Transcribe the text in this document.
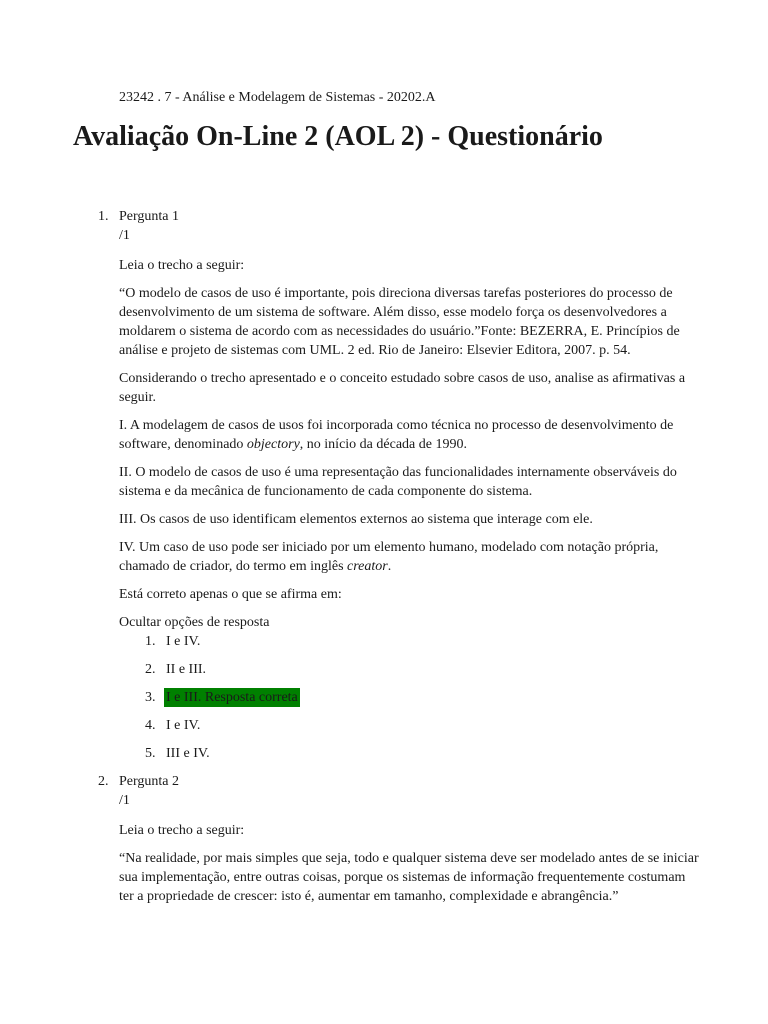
23242 . 7 - Análise e Modelagem de Sistemas - 20202.A
Avaliação On-Line 2 (AOL 2) - Questionário
1. Pergunta 1

/1

Leia o trecho a seguir:

“O modelo de casos de uso é importante, pois direciona diversas tarefas posteriores do processo de desenvolvimento de um sistema de software. Além disso, esse modelo força os desenvolvedores a moldarem o sistema de acordo com as necessidades do usuário.”Fonte: BEZERRA, E. Princípios de análise e projeto de sistemas com UML. 2 ed. Rio de Janeiro: Elsevier Editora, 2007. p. 54.

Considerando o trecho apresentado e o conceito estudado sobre casos de uso, analise as afirmativas a seguir.

I. A modelagem de casos de usos foi incorporada como técnica no processo de desenvolvimento de software, denominado objectory, no início da década de 1990.

II. O modelo de casos de uso é uma representação das funcionalidades internamente observáveis do sistema e da mecânica de funcionamento de cada componente do sistema.

III. Os casos de uso identificam elementos externos ao sistema que interage com ele.

IV. Um caso de uso pode ser iniciado por um elemento humano, modelado com notação própria, chamado de criador, do termo em inglês creator.

Está correto apenas o que se afirma em:

Ocultar opções de resposta

1. I e IV.
2. II e III.
3. I e III. Resposta correta
4. I e IV.
5. III e IV.
2. Pergunta 2

/1

Leia o trecho a seguir:

“Na realidade, por mais simples que seja, todo e qualquer sistema deve ser modelado antes de se iniciar sua implementação, entre outras coisas, porque os sistemas de informação frequentemente costumam ter a propriedade de crescer: isto é, aumentar em tamanho, complexidade e abrangência.”
